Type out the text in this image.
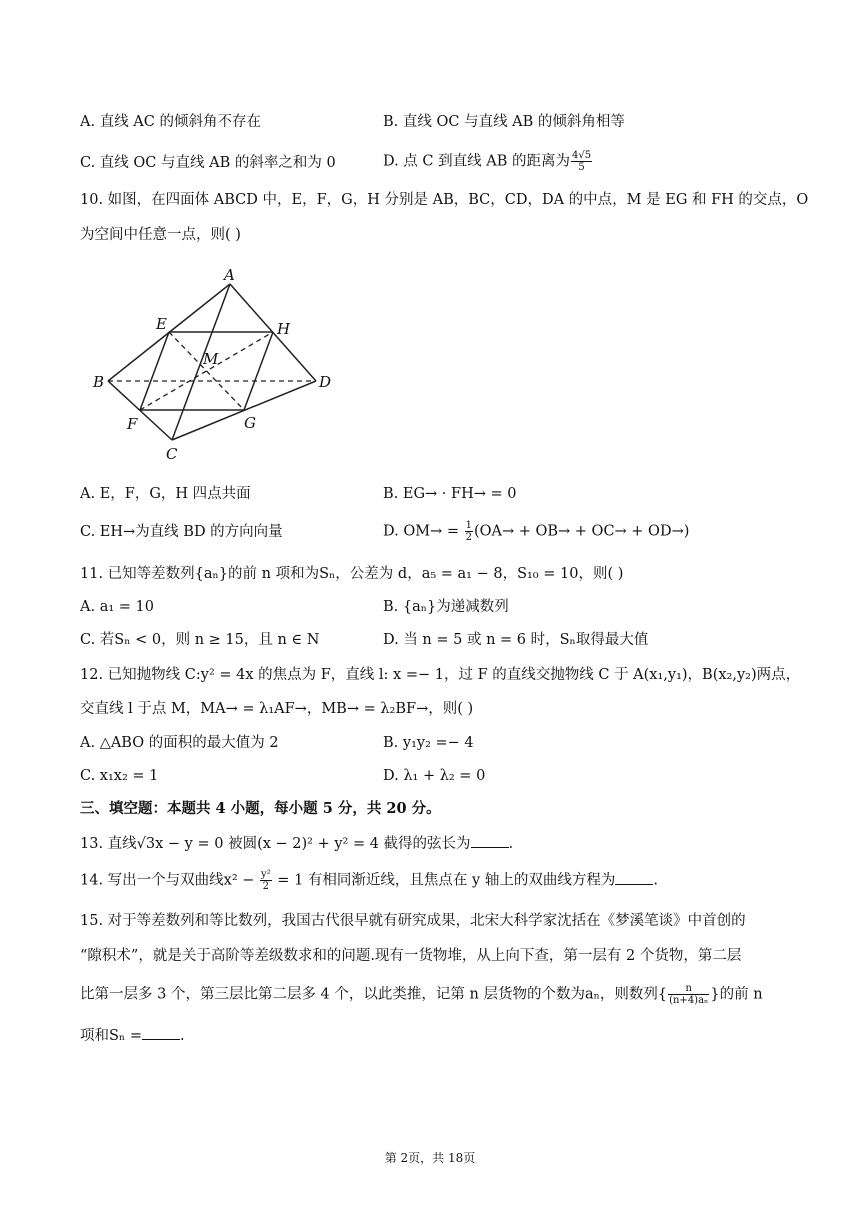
A. 直线 AC 的倾斜角不存在	B. 直线 OC 与直线 AB 的倾斜角相等
C. 直线 OC 与直线 AB 的斜率之和为 0	D. 点 C 到直线 AB 的距离为 $\frac{4√5}{5}$
10. 如图，在四面体 ABCD 中，E，F，G，H 分别是 AB，BC，CD，DA 的中点，M 是 EG 和 FH 的交点，O
为空间中任意一点，则( )
A
E	H
M
B	D
F	G
C
A. E，F，G，H 四点共面	B. EG→ · FH→ = 0
C. EH→为直线 BD 的方向向量	D. $OM\to = \frac{1}{2} (OA\to + OB\to + OC\to + OD\to)$
11. 已知等差数列{aₙ}的前 n 项和为Sₙ，公差为 d，a₅ = a₁ − 8，S₁₀ = 10，则( )
A. a₁ = 10	B. {aₙ}为递减数列
C. 若Sₙ < 0，则 n ≥ 15，且 n ∈ N	D. 当 n = 5 或 n = 6 时，Sₙ取得最大值
12. 已知抛物线 C:y² = 4x 的焦点为 F，直线 l: x =− 1，过 F 的直线交抛物线 C 于 A(x₁,y₁)，B(x₂,y₂)两点，
交直线 l 于点 M，MA→ = λ₁AF→，MB→ = λ₂BF→，则( )
A. △ABO 的面积的最大值为 2	B. y₁y₂ =− 4
C. x₁x₂ = 1	D. λ₁ + λ₂ = 0
三、填空题：本题共 4 小题，每小题 5 分，共 20 分。
13. 直线√3x − y = 0 被圆(x − 2)² + y² = 4 截得的弦长为	.
14. 写出一个与双曲线$x^2 - \frac{\text{y²}}{2} = 1$ 有相同渐近线，且焦点在 y 轴上的双曲线方程为	.
15. 对于等差数列和等比数列，我国古代很早就有研究成果，北宋大科学家沈括在《梦溪笔谈》中首创的
“隙积术”，就是关于高阶等差级数求和的问题.现有一货物堆，从上向下查，第一层有 2 个货物，第二层
比第一层多 3 个，第三层比第二层多 4 个，以此类推，记第 n 层货物的个数为aₙ，则数列{ $\frac{n}{\text{(n+4)aₙ}}$ }的前 n
项和Sₙ =	.
第 2页，共 18页
